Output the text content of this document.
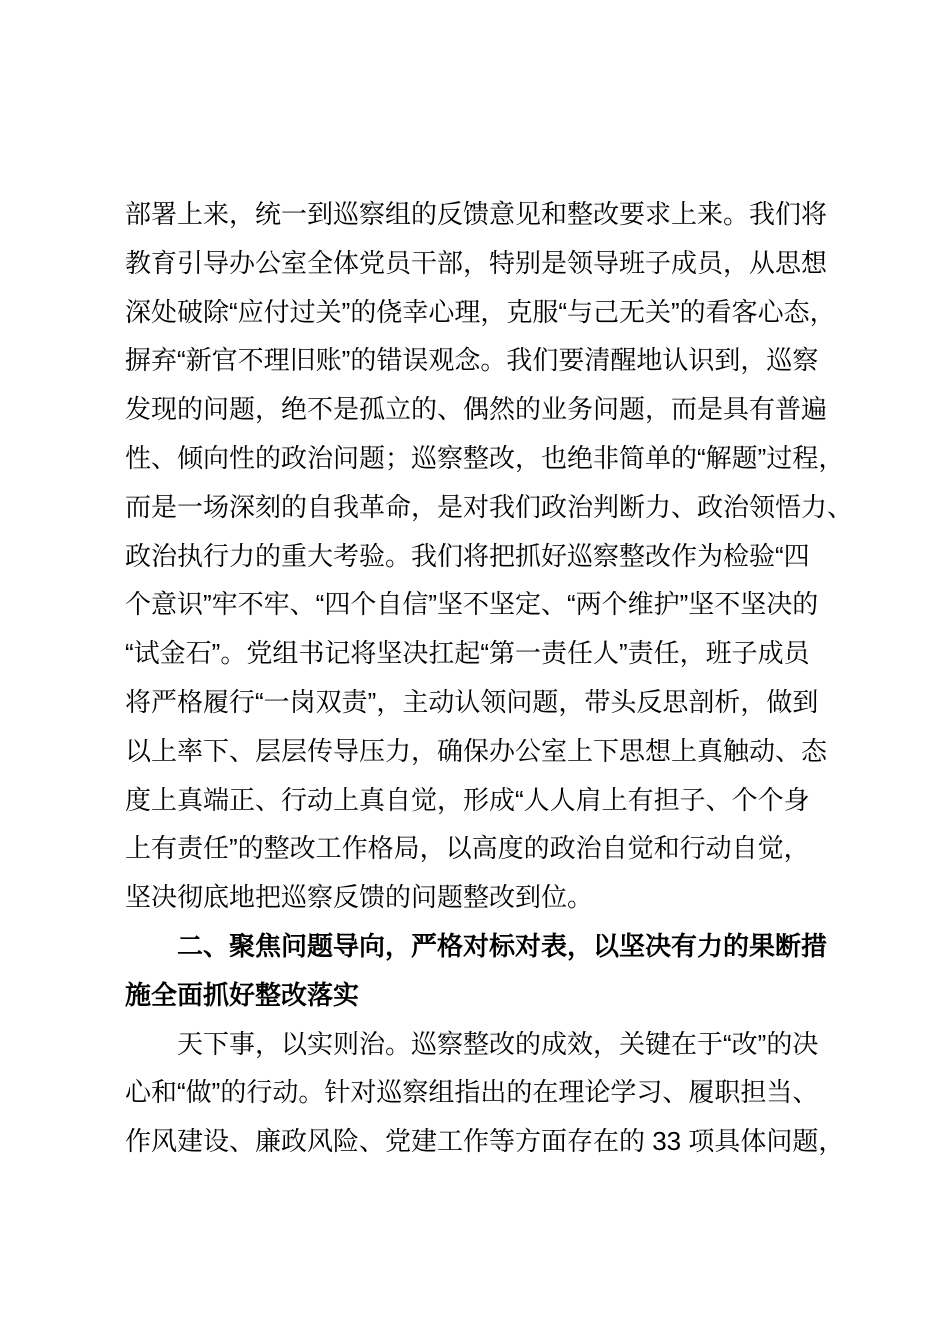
部署上来，统一到巡察组的反馈意见和整改要求上来。我们将
教育引导办公室全体党员干部，特别是领导班子成员，从思想
深处破除“应付过关”的侥幸心理，克服“与己无关”的看客心态，
摒弃“新官不理旧账”的错误观念。我们要清醒地认识到，巡察
发现的问题，绝不是孤立的、偶然的业务问题，而是具有普遍
性、倾向性的政治问题；巡察整改，也绝非简单的“解题”过程，
而是一场深刻的自我革命，是对我们政治判断力、政治领悟力、
政治执行力的重大考验。我们将把抓好巡察整改作为检验“四
个意识”牢不牢、“四个自信”坚不坚定、“两个维护”坚不坚决的
“试金石”。党组书记将坚决扛起“第一责任人”责任，班子成员
将严格履行“一岗双责”，主动认领问题，带头反思剖析，做到
以上率下、层层传导压力，确保办公室上下思想上真触动、态
度上真端正、行动上真自觉，形成“人人肩上有担子、个个身
上有责任”的整改工作格局，以高度的政治自觉和行动自觉，
坚决彻底地把巡察反馈的问题整改到位。
二、聚焦问题导向，严格对标对表，以坚决有力的果断措
施全面抓好整改落实
天下事，以实则治。巡察整改的成效，关键在于“改”的决
心和“做”的行动。针对巡察组指出的在理论学习、履职担当、
作风建设、廉政风险、党建工作等方面存在的 33 项具体问题，
